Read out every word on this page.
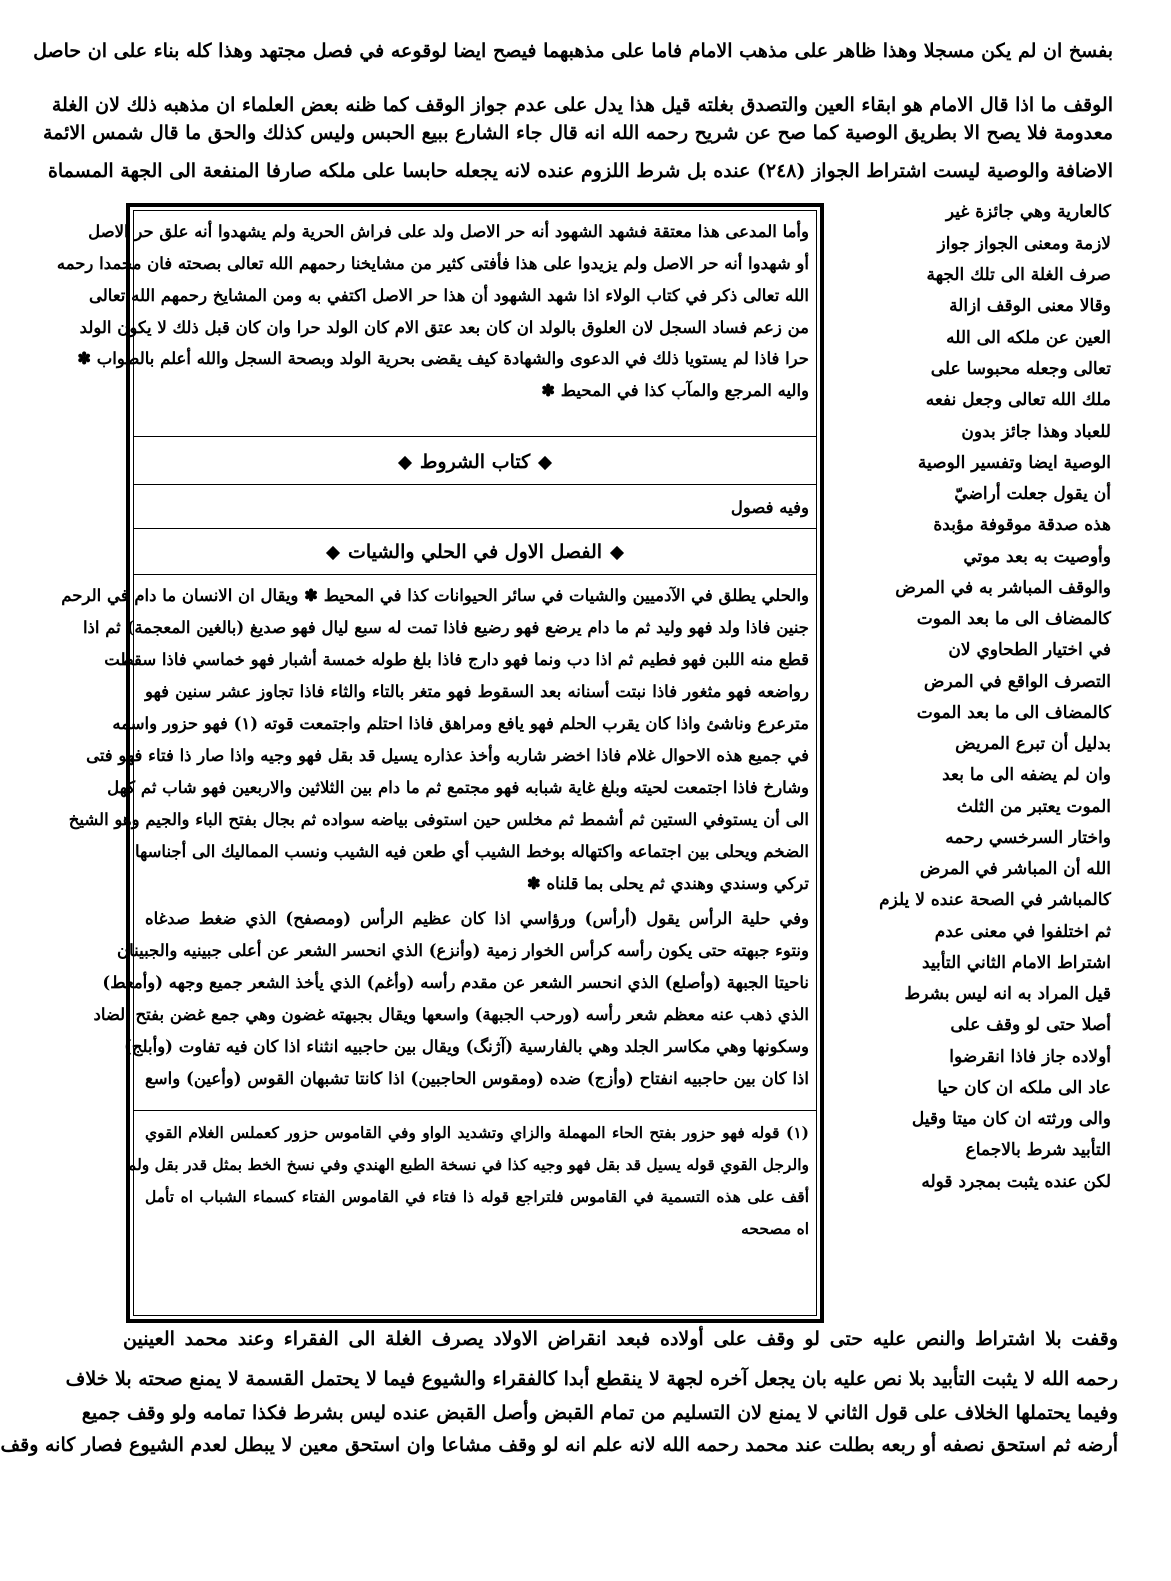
بفسخ ان لم يكن مسجلا وهذا ظاهر على مذهب الامام فاما على مذهبهما فيصح ايضا لوقوعه في فصل مجتهد وهذا كله بناء على ان حاصل
الوقف ما اذا قال الامام هو ابقاء العين والتصدق بغلته قيل هذا يدل على عدم جواز الوقف كما ظنه بعض العلماء ان مذهبه ذلك لان الغلة
معدومة فلا يصح الا بطريق الوصية كما صح عن شريح رحمه الله انه قال جاء الشارع ببيع الحبس وليس كذلك والحق ما قال شمس الائمة
الاضافة والوصية ليست اشتراط الجواز (٢٤٨) عنده بل شرط اللزوم عنده لانه يجعله حابسا على ملكه صارفا المنفعة الى الجهة المسماة
كالعارية وهي جائزة غير
لازمة ومعنى الجواز جواز
صرف الغلة الى تلك الجهة
وقالا معنى الوقف ازالة
العين عن ملكه الى الله
تعالى وجعله محبوسا على
ملك الله تعالى وجعل نفعه
للعباد وهذا جائز بدون
الوصية ايضا وتفسير الوصية
أن يقول جعلت أراضيّ
هذه صدقة موقوفة مؤبدة
وأوصيت به بعد موتي
والوقف المباشر به في المرض
كالمضاف الى ما بعد الموت
في اختيار الطحاوي لان
التصرف الواقع في المرض
كالمضاف الى ما بعد الموت
بدليل أن تبرع المريض
وان لم يضفه الى ما بعد
الموت يعتبر من الثلث
واختار السرخسي رحمه
الله أن المباشر في المرض
كالمباشر في الصحة عنده لا يلزم
ثم اختلفوا في معنى عدم
اشتراط الامام الثاني التأبيد
قيل المراد به انه ليس بشرط
أصلا حتى لو وقف على
أولاده جاز فاذا انقرضوا
عاد الى ملكه ان كان حيا
والى ورثته ان كان ميتا وقيل
التأبيد شرط بالاجماع
لكن عنده يثبت بمجرد قوله
وأما المدعى هذا معتقة فشهد الشهود أنه حر الاصل ولد على فراش الحرية ولم يشهدوا أنه علق حر الاصل
أو شهدوا أنه حر الاصل ولم يزيدوا على هذا فأفتى كثير من مشايخنا رحمهم الله تعالى بصحته فان محمدا رحمه
الله تعالى ذكر في كتاب الولاء اذا شهد الشهود أن هذا حر الاصل اكتفي به ومن المشايخ رحمهم الله تعالى
من زعم فساد السجل لان العلوق بالولد ان كان بعد عتق الام كان الولد حرا وان كان قبل ذلك لا يكون الولد
حرا فاذا لم يستويا ذلك في الدعوى والشهادة كيف يقضى بحرية الولد وبصحة السجل والله أعلم بالصواب ✽
واليه المرجع والمآب كذا في المحيط ✽
كتاب الشروط
وفيه فصول
الفصل الاول في الحلي والشيات
والحلي يطلق في الآدميين والشيات في سائر الحيوانات كذا في المحيط ✽ ويقال ان الانسان ما دام في الرحم
جنين فاذا ولد فهو وليد ثم ما دام يرضع فهو رضيع فاذا تمت له سبع ليال فهو صديغ (بالغين المعجمة) ثم اذا
قطع منه اللبن فهو فطيم ثم اذا دب ونما فهو دارج فاذا بلغ طوله خمسة أشبار فهو خماسي فاذا سقطت
رواضعه فهو مثغور فاذا نبتت أسنانه بعد السقوط فهو متغر بالتاء والثاء فاذا تجاوز عشر سنين فهو
مترعرع وناشئ واذا كان يقرب الحلم فهو يافع ومراهق فاذا احتلم واجتمعت قوته (١) فهو حزور واسمه
في جميع هذه الاحوال غلام فاذا اخضر شاربه وأخذ عذاره يسيل قد بقل فهو وجيه واذا صار ذا فتاء فهو فتى
وشارخ فاذا اجتمعت لحيته وبلغ غاية شبابه فهو مجتمع ثم ما دام بين الثلاثين والاربعين فهو شاب ثم كهل
الى أن يستوفي الستين ثم أشمط ثم مخلس حين استوفى بياضه سواده ثم بجال بفتح الباء والجيم وهو الشيخ
الضخم ويحلى بين اجتماعه واكتهاله بوخط الشيب أي طعن فيه الشيب ونسب المماليك الى أجناسها
تركي وسندي وهندي ثم يحلى بما قلناه ✽
وفي حلية الرأس يقول (أرأس) ورؤاسي اذا كان عظيم الرأس (ومصفح) الذي ضغط صدغاه
ونتوء جبهته حتى يكون رأسه كرأس الخوار زمية (وأنزع) الذي انحسر الشعر عن أعلى جبينيه والجبينان
ناحيتا الجبهة (وأصلع) الذي انحسر الشعر عن مقدم رأسه (وأغم) الذي يأخذ الشعر جميع وجهه (وأمعط)
الذي ذهب عنه معظم شعر رأسه (ورحب الجبهة) واسعها ويقال بجبهته غضون وهي جمع غضن بفتح الضاد
وسكونها وهي مكاسر الجلد وهي بالفارسية (آژنگ) ويقال بين حاجبيه انثناء اذا كان فيه تفاوت (وأبلج)
اذا كان بين حاجبيه انفتاح (وأزج) ضده (ومقوس الحاجبين) اذا كانتا تشبهان القوس (وأعين) واسع
(١) قوله فهو حزور بفتح الحاء المهملة والزاي وتشديد الواو وفي القاموس حزور كعملس الغلام القوي
والرجل القوي قوله يسيل قد بقل فهو وجيه كذا في نسخة الطبع الهندي وفي نسخ الخط بمثل قدر بقل ولم
أقف على هذه التسمية في القاموس فلتراجع قوله ذا فتاء في القاموس الفتاء كسماء الشباب اه تأمل
اه مصححه
وقفت بلا اشتراط والنص عليه حتى لو وقف على أولاده فبعد انقراض الاولاد يصرف الغلة الى الفقراء وعند محمد العينين
رحمه الله لا يثبت التأبيد بلا نص عليه بان يجعل آخره لجهة لا ينقطع أبدا كالفقراء والشيوع فيما لا يحتمل القسمة لا يمنع صحته بلا خلاف
وفيما يحتملها الخلاف على قول الثاني لا يمنع لان التسليم من تمام القبض وأصل القبض عنده ليس بشرط فكذا تمامه ولو وقف جميع
أرضه ثم استحق نصفه أو ربعه بطلت عند محمد رحمه الله لانه علم انه لو وقف مشاعا وان استحق معين لا يبطل لعدم الشيوع فصار كانه وقف
